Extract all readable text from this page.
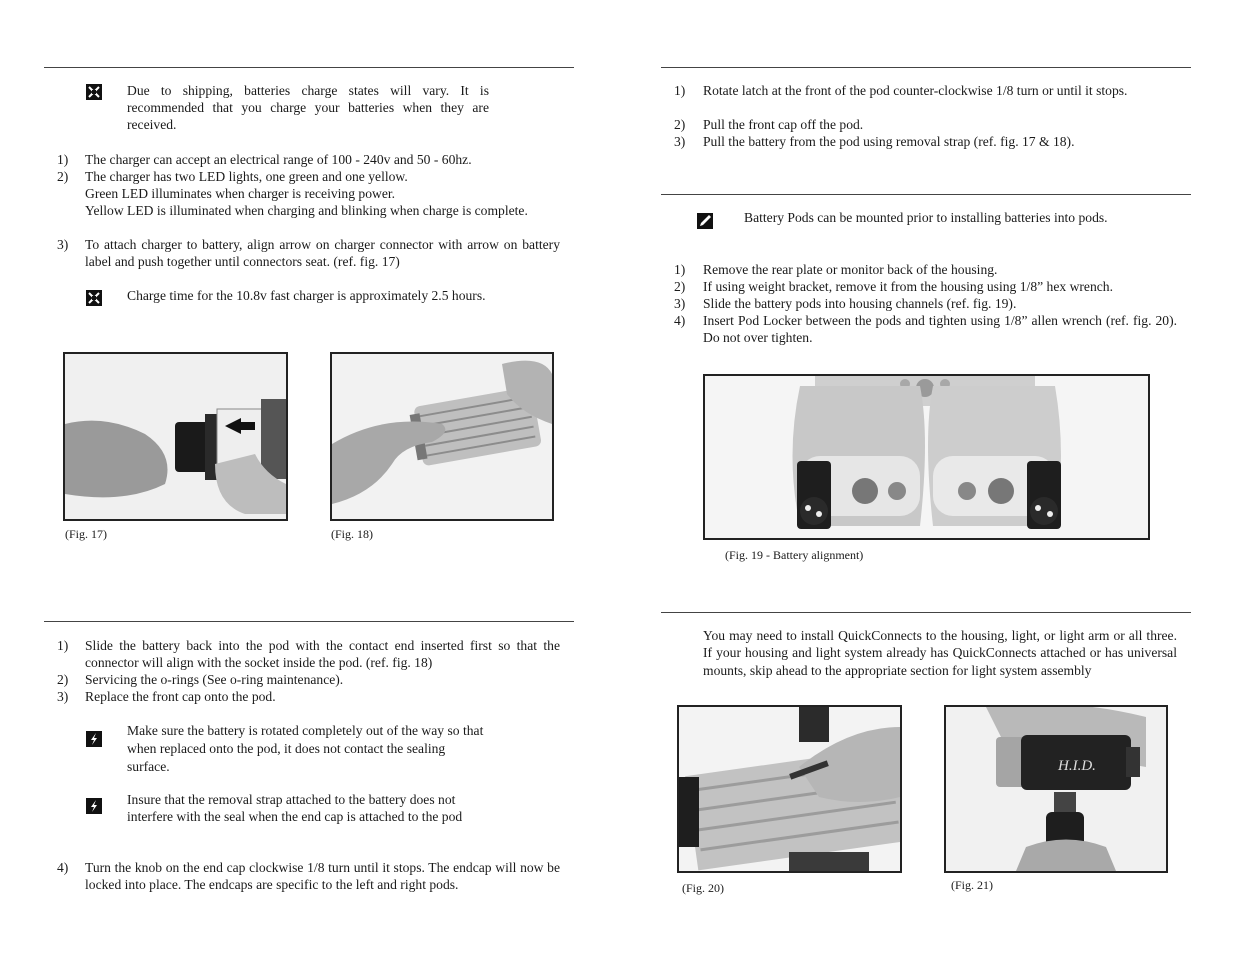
Due to shipping, batteries charge states will vary. It is recommended that you charge your batteries when they are received.
1) The charger can accept an electrical range of 100 - 240v and 50 - 60hz.
2) The charger has two LED lights, one green and one yellow.
Green LED illuminates when charger is receiving power.
Yellow LED is illuminated when charging and blinking when charge is complete.
3) To attach charger to battery, align arrow on charger connector with arrow on battery label and push together until connectors seat. (ref. fig. 17)
Charge time for the 10.8v fast charger is approximately 2.5 hours.
(Fig. 17)	(Fig. 18)
1) Slide the battery back into the pod with the contact end inserted first so that the connector will align with the socket inside the pod. (ref. fig. 18)
2) Servicing the o-rings (See o-ring maintenance).
3) Replace the front cap onto the pod.
Make sure the battery is rotated completely out of the way so that when replaced onto the pod, it does not contact the sealing surface.
Insure that the removal strap attached to the battery does not interfere with the seal when the end cap is attached to the pod
4) Turn the knob on the end cap clockwise 1/8 turn until it stops. The endcap will now be locked into place. The endcaps are specific to the left and right pods.
1) Rotate latch at the front of the pod counter-clockwise 1/8 turn or until it stops.
2) Pull the front cap off the pod.
3) Pull the battery from the pod using removal strap (ref. fig. 17 & 18).
Battery Pods can be mounted prior to installing batteries into pods.
1) Remove the rear plate or monitor back of the housing.
2) If using weight bracket, remove it from the housing using 1/8” hex wrench.
3) Slide the battery pods into housing channels (ref. fig. 19).
4) Insert Pod Locker between the pods and tighten using 1/8” allen wrench (ref. fig. 20). Do not over tighten.
(Fig. 19 - Battery alignment)
You may need to install QuickConnects to the housing, light, or light arm or all three. If your housing and light system already has QuickConnects attached or has universal mounts, skip ahead to the appropriate section for light system assembly
(Fig. 20)
H.I.D.
(Fig. 21)
